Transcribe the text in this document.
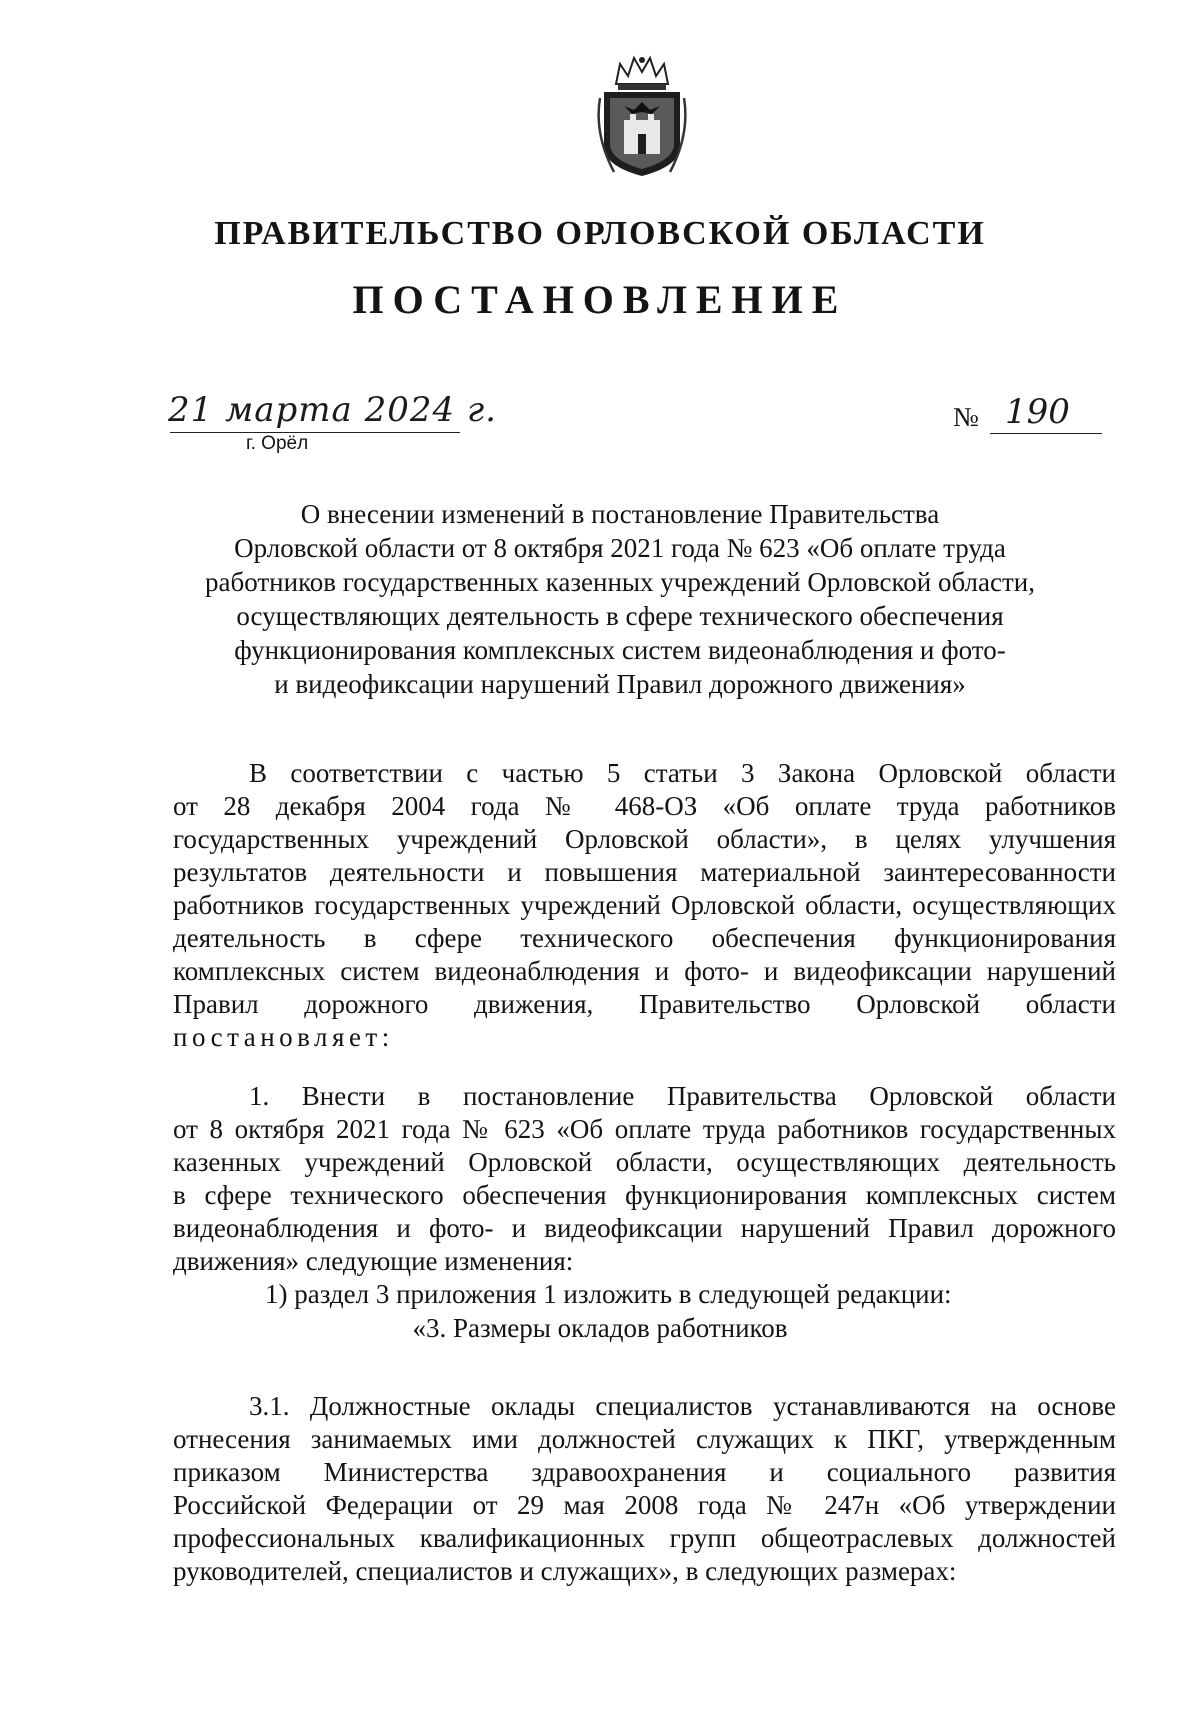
ПРАВИТЕЛЬСТВО ОРЛОВСКОЙ ОБЛАСТИ
ПОСТАНОВЛЕНИЕ
21 марта 2024 г.
г. Орёл
№ 190
О внесении изменений в постановление Правительства
Орловской области от 8 октября 2021 года № 623 «Об оплате труда
работников государственных казенных учреждений Орловской области,
осуществляющих деятельность в сфере технического обеспечения
функционирования комплексных систем видеонаблюдения и фото-
и видеофиксации нарушений Правил дорожного движения»
В соответствии с частью 5 статьи 3 Закона Орловской области
от 28 декабря 2004 года № 468-ОЗ «Об оплате труда работников
государственных учреждений Орловской области», в целях улучшения
результатов деятельности и повышения материальной заинтересованности
работников государственных учреждений Орловской области, осуществляющих
деятельность в сфере технического обеспечения функционирования
комплексных систем видеонаблюдения и фото- и видеофиксации нарушений
Правил дорожного движения, Правительство Орловской области
постановляет:
1. Внести в постановление Правительства Орловской области
от 8 октября 2021 года № 623 «Об оплате труда работников государственных
казенных учреждений Орловской области, осуществляющих деятельность
в сфере технического обеспечения функционирования комплексных систем
видеонаблюдения и фото- и видеофиксации нарушений Правил дорожного
движения» следующие изменения:
1) раздел 3 приложения 1 изложить в следующей редакции:
«3. Размеры окладов работников
3.1. Должностные оклады специалистов устанавливаются на основе
отнесения занимаемых ими должностей служащих к ПКГ, утвержденным
приказом Министерства здравоохранения и социального развития
Российской Федерации от 29 мая 2008 года № 247н «Об утверждении
профессиональных квалификационных групп общеотраслевых должностей
руководителей, специалистов и служащих», в следующих размерах:
